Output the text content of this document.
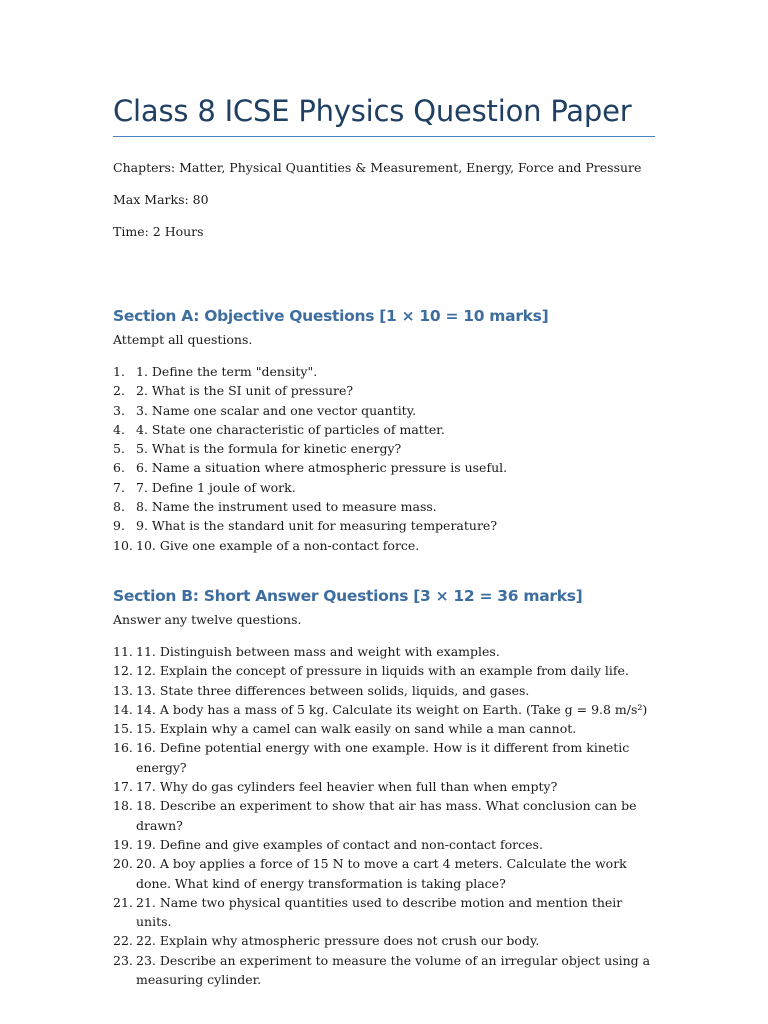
Class 8 ICSE Physics Question Paper
Chapters: Matter, Physical Quantities & Measurement, Energy, Force and Pressure
Max Marks: 80
Time: 2 Hours
Section A: Objective Questions [1 × 10 = 10 marks]
Attempt all questions.
1. 1. Define the term "density".
2. 2. What is the SI unit of pressure?
3. 3. Name one scalar and one vector quantity.
4. 4. State one characteristic of particles of matter.
5. 5. What is the formula for kinetic energy?
6. 6. Name a situation where atmospheric pressure is useful.
7. 7. Define 1 joule of work.
8. 8. Name the instrument used to measure mass.
9. 9. What is the standard unit for measuring temperature?
10. 10. Give one example of a non-contact force.
Section B: Short Answer Questions [3 × 12 = 36 marks]
Answer any twelve questions.
11. 11. Distinguish between mass and weight with examples.
12. 12. Explain the concept of pressure in liquids with an example from daily life.
13. 13. State three differences between solids, liquids, and gases.
14. 14. A body has a mass of 5 kg. Calculate its weight on Earth. (Take g = 9.8 m/s²)
15. 15. Explain why a camel can walk easily on sand while a man cannot.
16. 16. Define potential energy with one example. How is it different from kinetic energy?
17. 17. Why do gas cylinders feel heavier when full than when empty?
18. 18. Describe an experiment to show that air has mass. What conclusion can be drawn?
19. 19. Define and give examples of contact and non-contact forces.
20. 20. A boy applies a force of 15 N to move a cart 4 meters. Calculate the work done. What kind of energy transformation is taking place?
21. 21. Name two physical quantities used to describe motion and mention their units.
22. 22. Explain why atmospheric pressure does not crush our body.
23. 23. Describe an experiment to measure the volume of an irregular object using a measuring cylinder.
